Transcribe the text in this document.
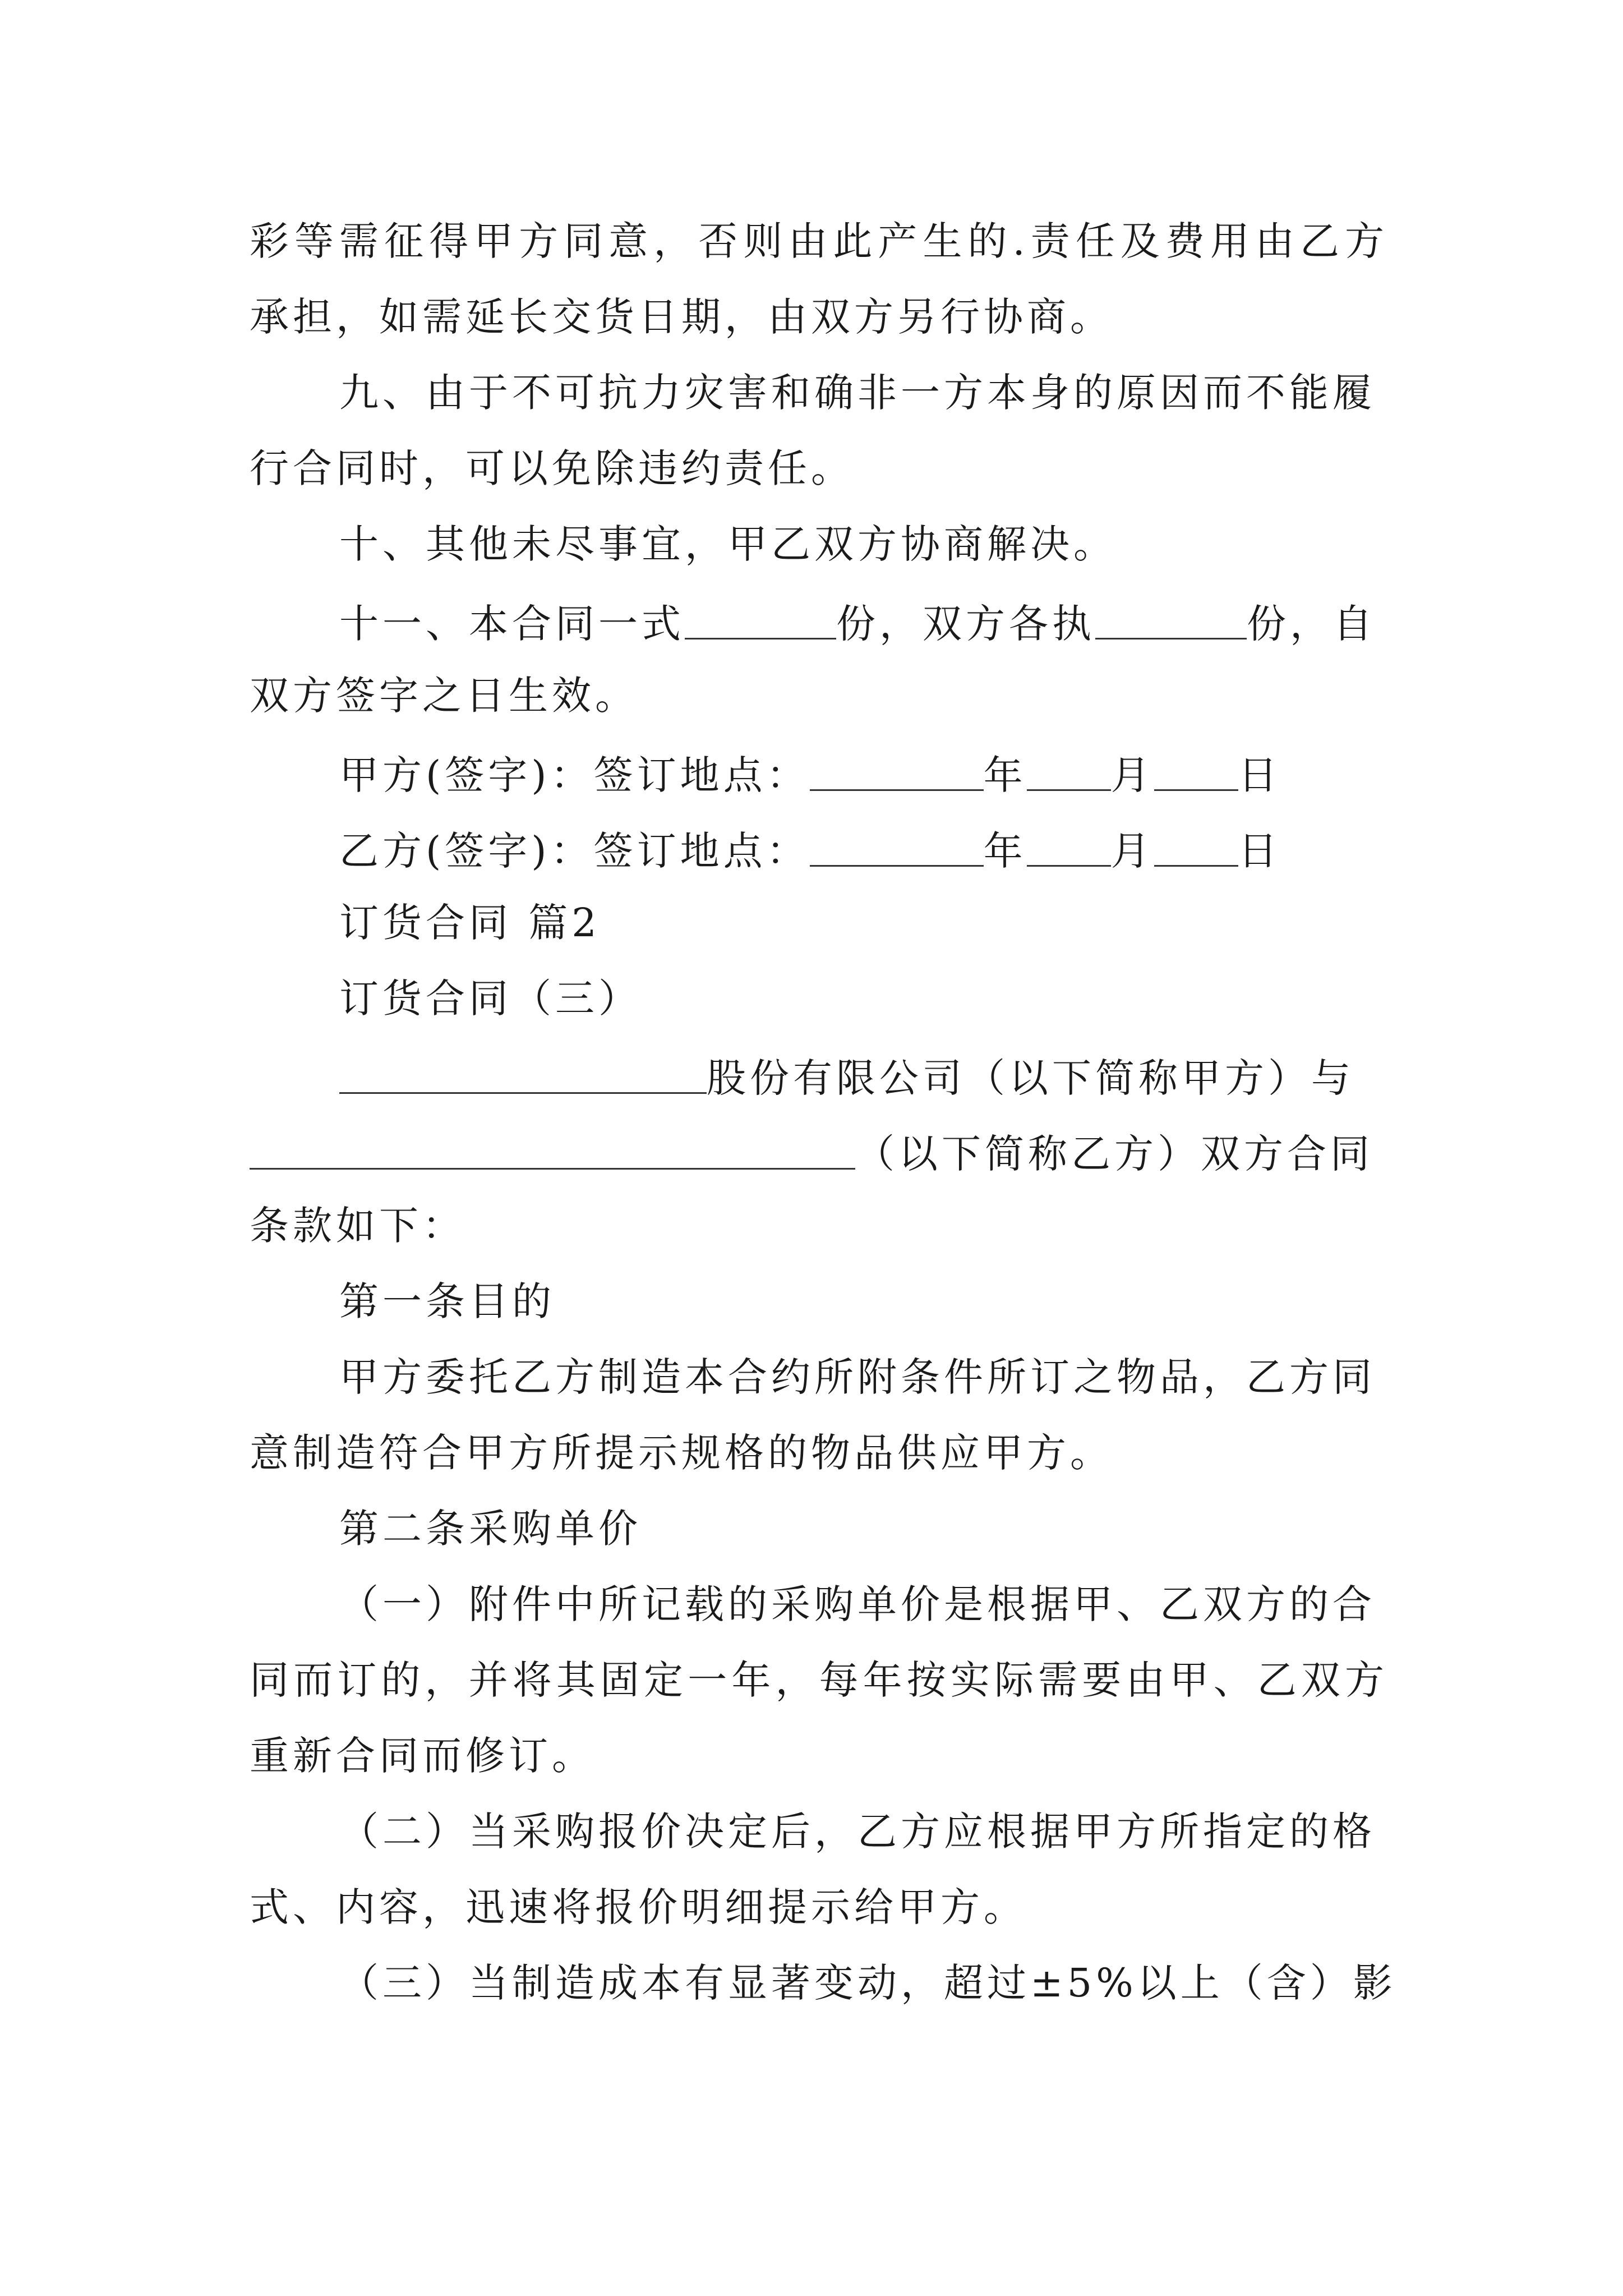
彩等需征得甲方同意，否则由此产生的.责任及费用由乙方
承担，如需延长交货日期，由双方另行协商。
九、由于不可抗力灾害和确非一方本身的原因而不能履
行合同时，可以免除违约责任。
十、其他未尽事宜，甲乙双方协商解决。
十一、本合同一式	份，双方各执	份，自
双方签字之日生效。
甲方(签字)：签订地点：	年 月 日
乙方(签字)：签订地点：	年 月 日
订货合同 篇2
订货合同（三）
股份有限公司（以下简称甲方）与
（以下简称乙方）双方合同
条款如下：
第一条目的
甲方委托乙方制造本合约所附条件所订之物品，乙方同
意制造符合甲方所提示规格的物品供应甲方。
第二条采购单价
（一）附件中所记载的采购单价是根据甲、乙双方的合
同而订的，并将其固定一年，每年按实际需要由甲、乙双方
重新合同而修订。
（二）当采购报价决定后，乙方应根据甲方所指定的格
式、内容，迅速将报价明细提示给甲方。
（三）当制造成本有显著变动，超过±5%以上（含）影
